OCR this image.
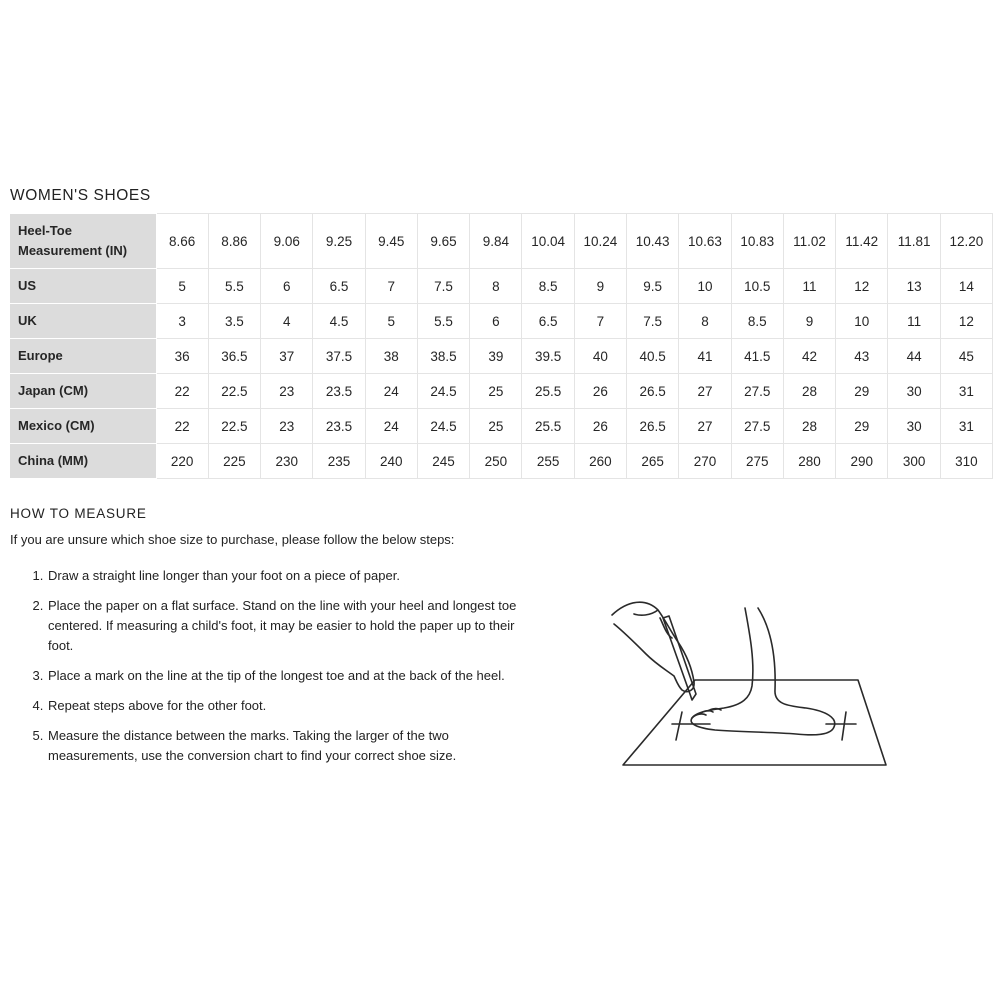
WOMEN'S SHOES
Heel-Toe Measurement (IN)	8.66	8.86	9.06	9.25	9.45	9.65	9.84	10.04	10.24	10.43	10.63	10.83	11.02	11.42	11.81	12.20
US	5	5.5	6	6.5	7	7.5	8	8.5	9	9.5	10	10.5	11	12	13	14
UK	3	3.5	4	4.5	5	5.5	6	6.5	7	7.5	8	8.5	9	10	11	12
Europe	36	36.5	37	37.5	38	38.5	39	39.5	40	40.5	41	41.5	42	43	44	45
Japan (CM)	22	22.5	23	23.5	24	24.5	25	25.5	26	26.5	27	27.5	28	29	30	31
Mexico (CM)	22	22.5	23	23.5	24	24.5	25	25.5	26	26.5	27	27.5	28	29	30	31
China (MM)	220	225	230	235	240	245	250	255	260	265	270	275	280	290	300	310
HOW TO MEASURE
If you are unsure which shoe size to purchase, please follow the below steps:
1. Draw a straight line longer than your foot on a piece of paper.
2. Place the paper on a flat surface. Stand on the line with your heel and longest toe centered. If measuring a child's foot, it may be easier to hold the paper up to their foot.
3. Place a mark on the line at the tip of the longest toe and at the back of the heel.
4. Repeat steps above for the other foot.
5. Measure the distance between the marks. Taking the larger of the two measurements, use the conversion chart to find your correct shoe size.
